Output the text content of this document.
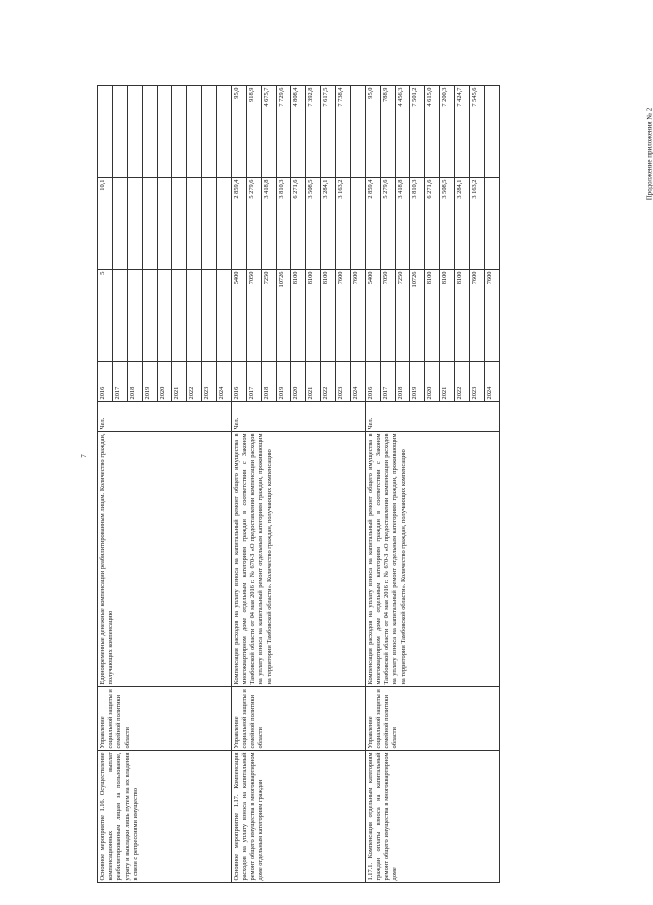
7
Продолжение приложения № 2
Основное мероприятие 1.16. Осуществление компенсационных выплат реабилитированным лицам за пользование, утрату и выкладки лишь путем на их владения в связи с репрессиями имущество	Управление социальной защиты и семейной политики области	Единовременные денежные компенсации реабилитированным лицам. Количество граждан, получающих компенсацию	Чел.	2016	5	10,1	
				2017			
				2018			
				2019			
				2020			
				2021			
				2022			
				2023			
				2024			
Основное мероприятие 1.17. Компенсация расходов на уплату взноса на капитальный ремонт общего имущества в многоквартирном доме отдельным категориям граждан	Управление социальной защиты и семейной политики области	Компенсация расходов на уплату взноса на капитальный ремонт общего имущества в многоквартирном доме отдельным категориям граждан в соответствии с Законом Тамбовской области от 04 мая 2016 г. № 670-З «О предоставлении компенсации расходов на уплату взноса на капитальный ремонт отдельным категориям граждан, проживающим на территории Тамбовской области». Количество граждан, получающих компенсацию	Чел.	2016	5400	2 859,4	95,0
				2017	7050	5 279,6	918,9
				2018	7250	3 418,8	4 675,7
				2019	10726	3 810,3	7 729,6
				2020	8100	6 271,6	4 808,4
				2021	8100	3 508,5	7 392,8
				2022	8100	3 284,1	7 617,5
				2023	7600	3 163,2	7 738,4
				2024	7600		
1.17.1. Компенсация отдельным категориям граждан оплаты взноса на капитальный ремонт общего имущества в многоквартирном доме	Управление социальной защиты и семейной политики области	Компенсация расходов на уплату взноса на капитальный ремонт общего имущества в многоквартирном доме отдельным категориям граждан в соответствии с Законом Тамбовской области от 04 мая 2016 г. № 670-З «О предоставлении компенсации расходов на уплату взноса на капитальный ремонт отдельным категориям граждан, проживающим на территории Тамбовской области». Количество граждан, получающих компенсацию	Чел.	2016	5400	2 859,4	95,0
				2017	7050	5 279,6	788,9
				2018	7250	3 418,8	4 456,3
				2019	10726	3 810,3	7 501,2
				2020	8100	6 271,6	4 615,0
				2021	8100	3 508,5	7 200,3
				2022	8100	3 284,1	7 424,7
				2023	7600	3 163,2	7 545,6
				2024	7600		
